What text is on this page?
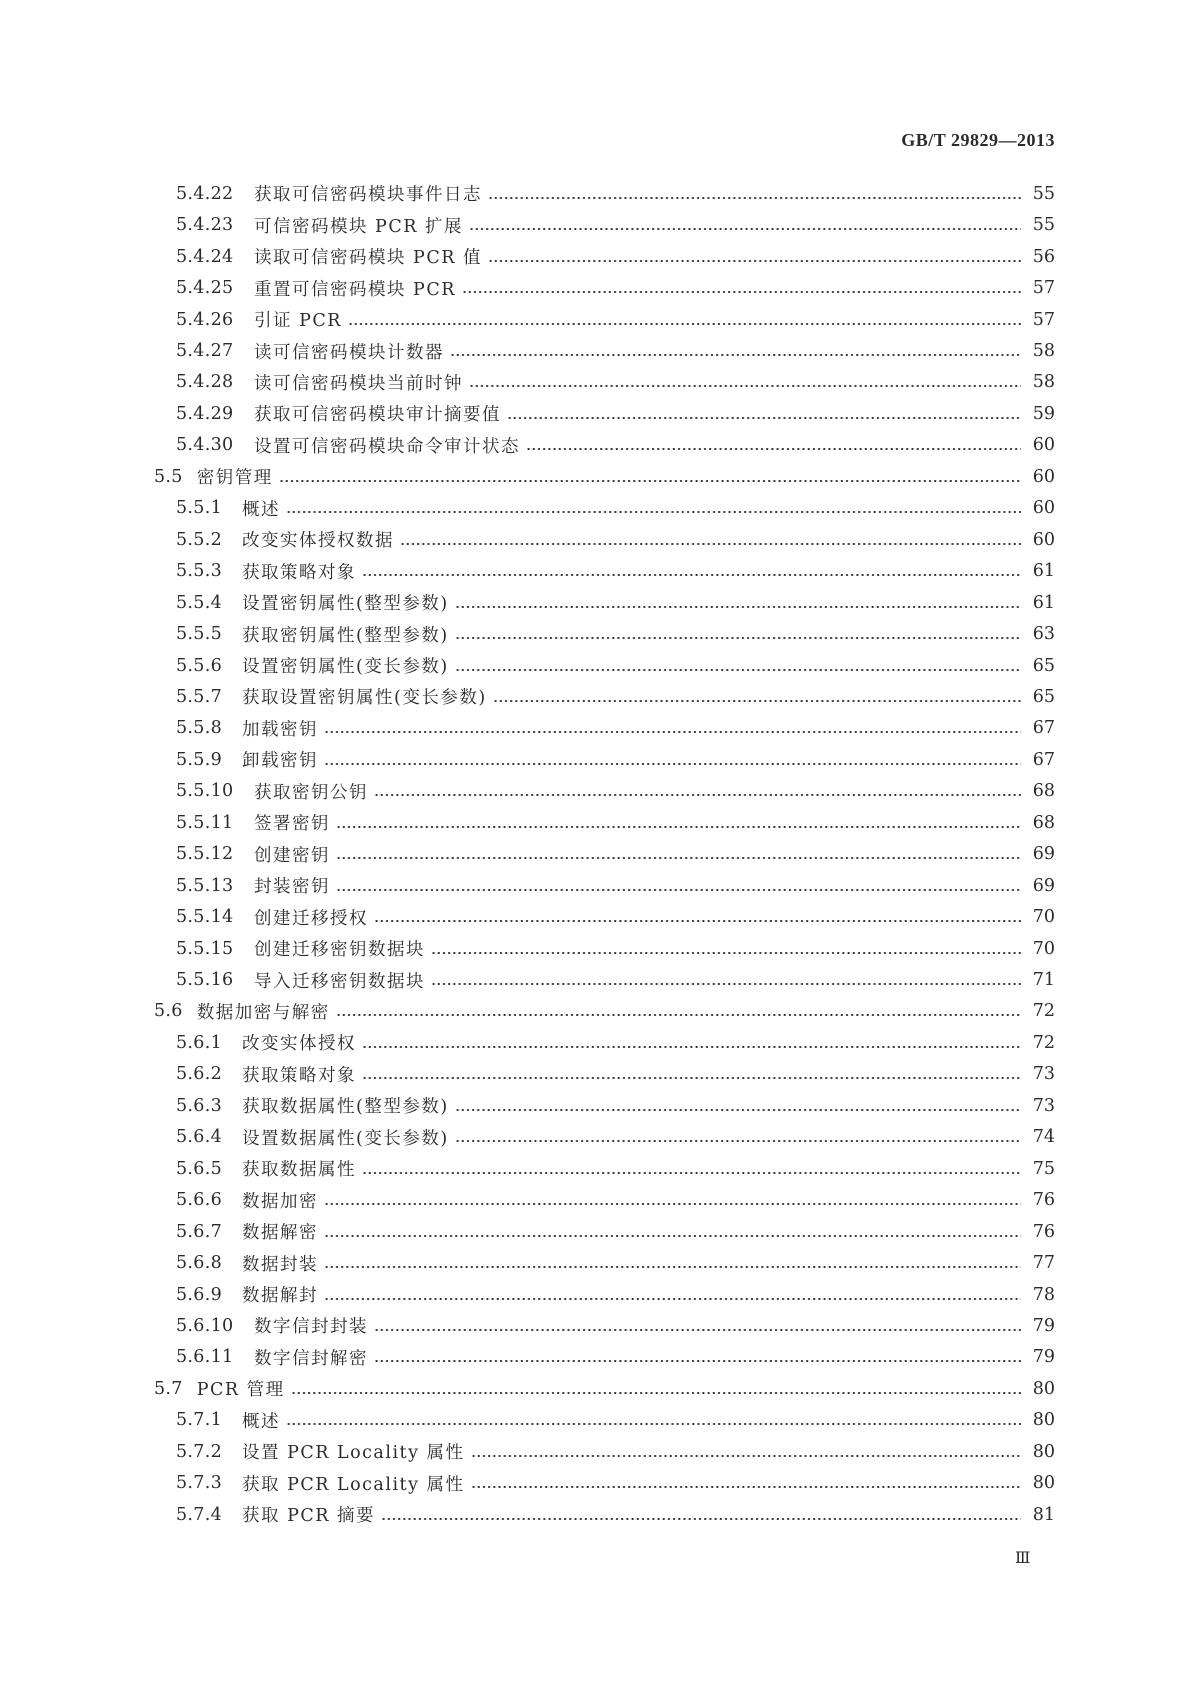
GB/T 29829—2013
5.4.22	获取可信密码模块事件日志	55
5.4.23	可信密码模块 PCR 扩展	55
5.4.24	读取可信密码模块 PCR 值	56
5.4.25	重置可信密码模块 PCR	57
5.4.26	引证 PCR	57
5.4.27	读可信密码模块计数器	58
5.4.28	读可信密码模块当前时钟	58
5.4.29	获取可信密码模块审计摘要值	59
5.4.30	设置可信密码模块命令审计状态	60
5.5 密钥管理	60
5.5.1	概述	60
5.5.2	改变实体授权数据	60
5.5.3	获取策略对象	61
5.5.4	设置密钥属性(整型参数)	61
5.5.5	获取密钥属性(整型参数)	63
5.5.6	设置密钥属性(变长参数)	65
5.5.7	获取设置密钥属性(变长参数)	65
5.5.8	加载密钥	67
5.5.9	卸载密钥	67
5.5.10	获取密钥公钥	68
5.5.11	签署密钥	68
5.5.12	创建密钥	69
5.5.13	封装密钥	69
5.5.14	创建迁移授权	70
5.5.15	创建迁移密钥数据块	70
5.5.16	导入迁移密钥数据块	71
5.6 数据加密与解密	72
5.6.1	改变实体授权	72
5.6.2	获取策略对象	73
5.6.3	获取数据属性(整型参数)	73
5.6.4	设置数据属性(变长参数)	74
5.6.5	获取数据属性	75
5.6.6	数据加密	76
5.6.7	数据解密	76
5.6.8	数据封装	77
5.6.9	数据解封	78
5.6.10	数字信封封装	79
5.6.11	数字信封解密	79
5.7 PCR 管理	80
5.7.1	概述	80
5.7.2	设置 PCR Locality 属性	80
5.7.3	获取 PCR Locality 属性	80
5.7.4	获取 PCR 摘要	81
Ⅲ
